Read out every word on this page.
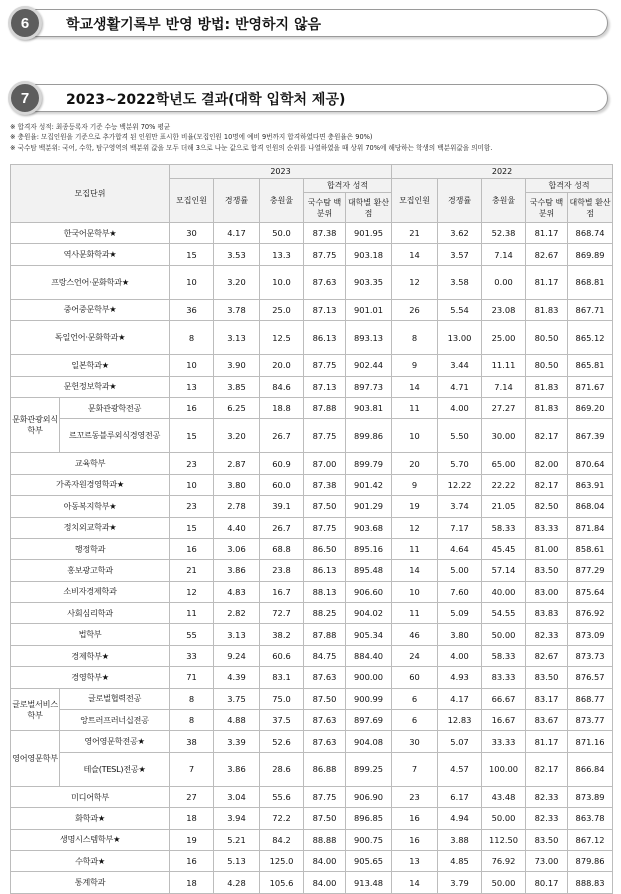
6	학교생활기록부 반영 방법: 반영하지 않음
7	2023~2022학년도 결과(대학 입학처 제공)
※ 합격자 성적: 최종등록자 기준 수능 백분위 70% 평균
※ 충원율: 모집인원을 기준으로 추가합격 된 인원만 표시한 비율(모집인원 10명에 예비 9번까지 합격하였다면 충원율은 90%)
※ 국수탐 백분위: 국어, 수학, 탐구영역의 백분위 값을 모두 더해 3으로 나눈 값으로 합격 인원의 순위를 나열하였을 때 상위 70%에 해당하는 학생의 백분위값을 의미함.
모집단위		2023					2022				
		모집인원	경쟁률	충원율	합격자 성적		모집인원	경쟁률	충원율	합격자 성적	
					국수탐 백분위	대학별 환산점				국수탐 백분위	대학별 환산점
한국어문학부★		30	4.17	50.0	87.38	901.95	21	3.62	52.38	81.17	868.74
역사문화학과★		15	3.53	13.3	87.75	903.18	14	3.57	7.14	82.67	869.89
프랑스언어·문화학과★		10	3.20	10.0	87.63	903.35	12	3.58	0.00	81.17	868.81
중어중문학부★		36	3.78	25.0	87.13	901.01	26	5.54	23.08	81.83	867.71
독일언어·문화학과★		8	3.13	12.5	86.13	893.13	8	13.00	25.00	80.50	865.12
일본학과★		10	3.90	20.0	87.75	902.44	9	3.44	11.11	80.50	865.81
문헌정보학과★		13	3.85	84.6	87.13	897.73	14	4.71	7.14	81.83	871.67
문화관광외식학부	문화관광학전공	16	6.25	18.8	87.88	903.81	11	4.00	27.27	81.83	869.20
	르꼬르동블루외식경영전공	15	3.20	26.7	87.75	899.86	10	5.50	30.00	82.17	867.39
교육학부		23	2.87	60.9	87.00	899.79	20	5.70	65.00	82.00	870.64
가족자원경영학과★		10	3.80	60.0	87.38	901.42	9	12.22	22.22	82.17	863.91
아동복지학부★		23	2.78	39.1	87.50	901.29	19	3.74	21.05	82.50	868.04
정치외교학과★		15	4.40	26.7	87.75	903.68	12	7.17	58.33	83.33	871.84
행정학과		16	3.06	68.8	86.50	895.16	11	4.64	45.45	81.00	858.61
홍보광고학과		21	3.86	23.8	86.13	895.48	14	5.00	57.14	83.50	877.29
소비자경제학과		12	4.83	16.7	88.13	906.60	10	7.60	40.00	83.00	875.64
사회심리학과		11	2.82	72.7	88.25	904.02	11	5.09	54.55	83.83	876.92
법학부		55	3.13	38.2	87.88	905.34	46	3.80	50.00	82.33	873.09
경제학부★		33	9.24	60.6	84.75	884.40	24	4.00	58.33	82.67	873.73
경영학부★		71	4.39	83.1	87.63	900.00	60	4.93	83.33	83.50	876.57
글로벌서비스학부	글로벌협력전공	8	3.75	75.0	87.50	900.99	6	4.17	66.67	83.17	868.77
	앙트러프러너십전공	8	4.88	37.5	87.63	897.69	6	12.83	16.67	83.67	873.77
영어영문학부	영어영문학전공★	38	3.39	52.6	87.63	904.08	30	5.07	33.33	81.17	871.16
	테슬(TESL)전공★	7	3.86	28.6	86.88	899.25	7	4.57	100.00	82.17	866.84
미디어학부		27	3.04	55.6	87.75	906.90	23	6.17	43.48	82.33	873.89
화학과★		18	3.94	72.2	87.50	896.85	16	4.94	50.00	82.33	863.78
생명시스템학부★		19	5.21	84.2	88.88	900.75	16	3.88	112.50	83.50	867.12
수학과★		16	5.13	125.0	84.00	905.65	13	4.85	76.92	73.00	879.86
통계학과		18	4.28	105.6	84.00	913.48	14	3.79	50.00	80.17	888.83
